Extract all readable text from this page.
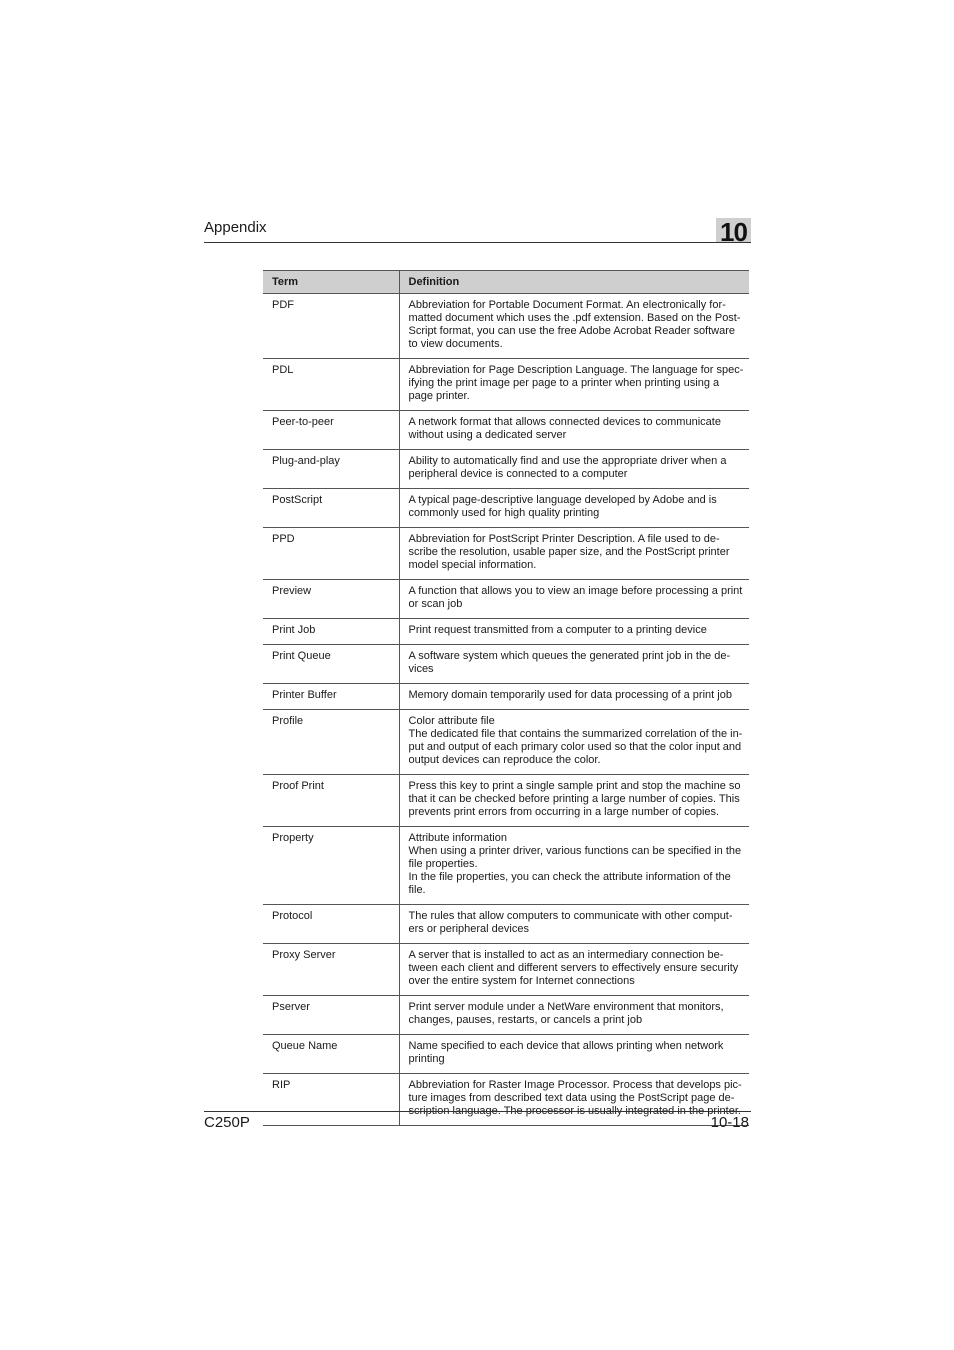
Appendix	10
Term	Definition
PDF	Abbreviation for Portable Document Format. An electronically for-
matted document which uses the .pdf extension. Based on the Post-
Script format, you can use the free Adobe Acrobat Reader software
to view documents.
PDL	Abbreviation for Page Description Language. The language for spec-
ifying the print image per page to a printer when printing using a
page printer.
Peer-to-peer	A network format that allows connected devices to communicate
without using a dedicated server
Plug-and-play	Ability to automatically find and use the appropriate driver when a
peripheral device is connected to a computer
PostScript	A typical page-descriptive language developed by Adobe and is
commonly used for high quality printing
PPD	Abbreviation for PostScript Printer Description. A file used to de-
scribe the resolution, usable paper size, and the PostScript printer
model special information.
Preview	A function that allows you to view an image before processing a print
or scan job
Print Job	Print request transmitted from a computer to a printing device
Print Queue	A software system which queues the generated print job in the de-
vices
Printer Buffer	Memory domain temporarily used for data processing of a print job
Profile	Color attribute file
The dedicated file that contains the summarized correlation of the in-
put and output of each primary color used so that the color input and
output devices can reproduce the color.
Proof Print	Press this key to print a single sample print and stop the machine so
that it can be checked before printing a large number of copies. This
prevents print errors from occurring in a large number of copies.
Property	Attribute information
When using a printer driver, various functions can be specified in the
file properties.
In the file properties, you can check the attribute information of the
file.
Protocol	The rules that allow computers to communicate with other comput-
ers or peripheral devices
Proxy Server	A server that is installed to act as an intermediary connection be-
tween each client and different servers to effectively ensure security
over the entire system for Internet connections
Pserver	Print server module under a NetWare environment that monitors,
changes, pauses, restarts, or cancels a print job
Queue Name	Name specified to each device that allows printing when network
printing
RIP	Abbreviation for Raster Image Processor. Process that develops pic-
ture images from described text data using the PostScript page de-
scription language. The processor is usually integrated in the printer.
C250P	10-18
